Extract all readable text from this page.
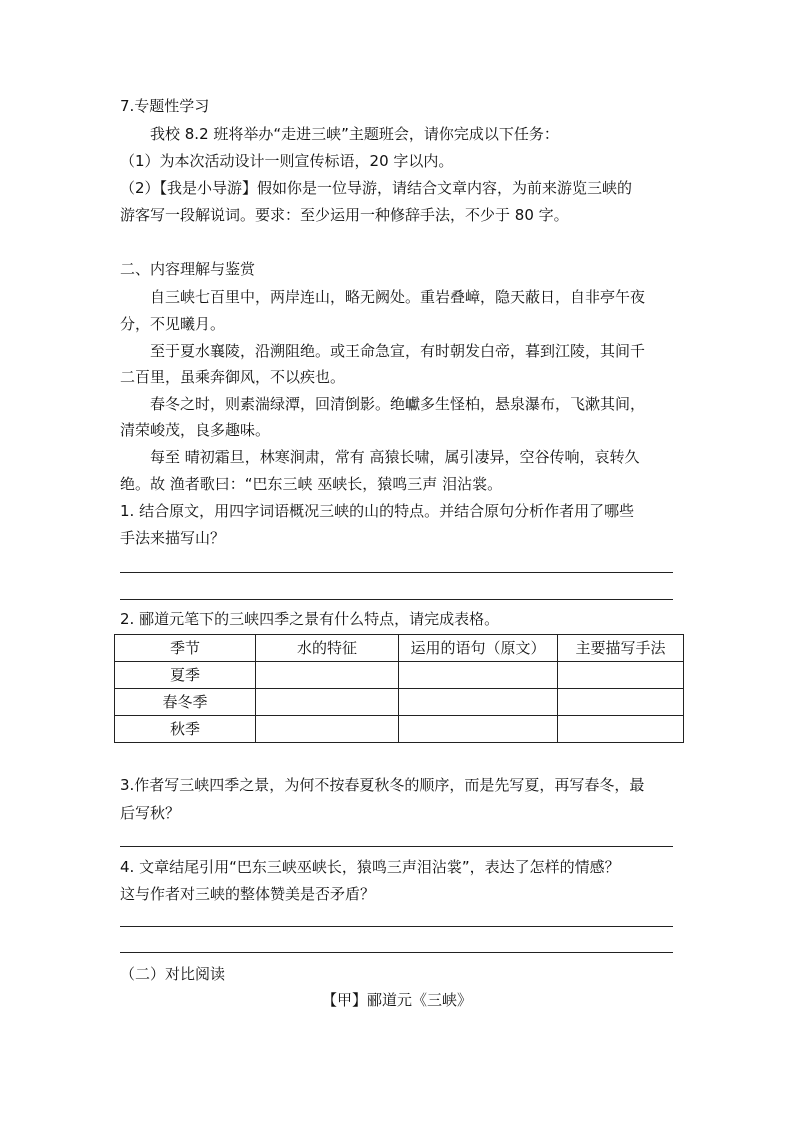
7.专题性学习
我校 8.2 班将举办“走进三峡”主题班会，请你完成以下任务：
（1）为本次活动设计一则宣传标语，20 字以内。
（2）【我是小导游】假如你是一位导游，请结合文章内容，为前来游览三峡的
游客写一段解说词。要求：至少运用一种修辞手法，不少于 80 字。
二、内容理解与鉴赏
自三峡七百里中，两岸连山，略无阙处。重岩叠嶂，隐天蔽日，自非亭午夜
分，不见曦月。
至于夏水襄陵，沿溯阻绝。或王命急宣，有时朝发白帝，暮到江陵，其间千
二百里，虽乘奔御风，不以疾也。
春冬之时，则素湍绿潭，回清倒影。绝巘多生怪柏，悬泉瀑布，飞漱其间，
清荣峻茂，良多趣味。
每至 晴初霜旦，林寒涧肃，常有 高猿长啸，属引凄异，空谷传响，哀转久
绝。故 渔者歌曰：“巴东三峡 巫峡长，猿鸣三声 泪沾裳。
1. 结合原文，用四字词语概况三峡的山的特点。并结合原句分析作者用了哪些
手法来描写山？
2. 郦道元笔下的三峡四季之景有什么特点，请完成表格。
季节	水的特征	运用的语句（原文）	主要描写手法
夏季			
春冬季			
秋季			
3.作者写三峡四季之景，为何不按春夏秋冬的顺序，而是先写夏，再写春冬，最
后写秋？
4. 文章结尾引用“巴东三峡巫峡长，猿鸣三声泪沾裳”，表达了怎样的情感？
这与作者对三峡的整体赞美是否矛盾？
（二）对比阅读
【甲】郦道元《三峡》
